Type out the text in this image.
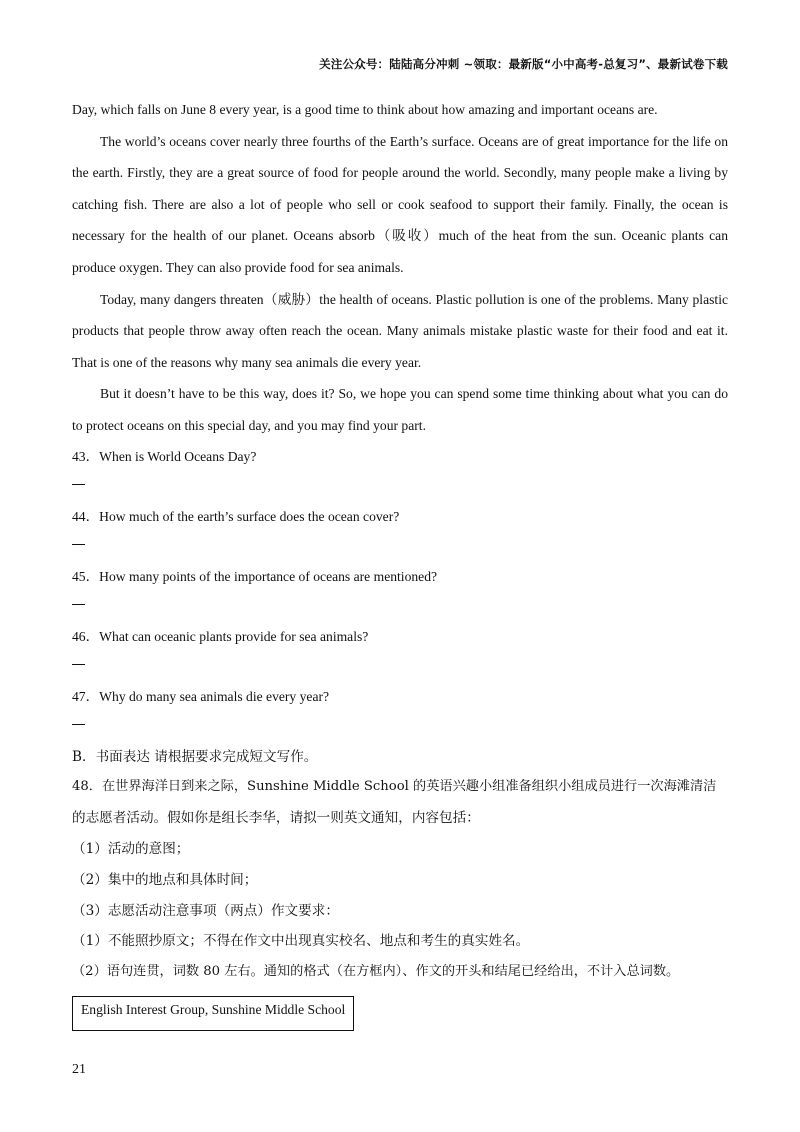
关注公众号：陆陆高分冲刺 ~领取：最新版“小中高考-总复习”、最新试卷下载

Day, which falls on June 8 every year, is a good time to think about how amazing and important oceans are.

The world’s oceans cover nearly three fourths of the Earth’s surface. Oceans are of great importance for the life on the earth. Firstly, they are a great source of food for people around the world. Secondly, many people make a living by catching fish. There are also a lot of people who sell or cook seafood to support their family. Finally, the ocean is necessary for the health of our planet. Oceans absorb（吸收）much of the heat from the sun. Oceanic plants can produce oxygen. They can also provide food for sea animals.

Today, many dangers threaten（威胁）the health of oceans. Plastic pollution is one of the problems. Many plastic products that people throw away often reach the ocean. Many animals mistake plastic waste for their food and eat it. That is one of the reasons why many sea animals die every year.

But it doesn’t have to be this way, does it? So, we hope you can spend some time thinking about what you can do to protect oceans on this special day, and you may find your part.

43．When is World Oceans Day?

44．How much of the earth’s surface does the ocean cover?

45．How many points of the importance of oceans are mentioned?

46．What can oceanic plants provide for sea animals?

47．Why do many sea animals die every year?

B．书面表达 请根据要求完成短文写作。

48．在世界海洋日到来之际，Sunshine Middle School 的英语兴趣小组准备组织小组成员进行一次海滩清洁

的志愿者活动。假如你是组长李华，请拟一则英文通知，内容包括：

（1）活动的意图；

（2）集中的地点和具体时间；

（3）志愿活动注意事项（两点）作文要求：

（1）不能照抄原文；不得在作文中出现真实校名、地点和考生的真实姓名。

（2）语句连贯，词数 80 左右。通知的格式（在方框内）、作文的开头和结尾已经给出，不计入总词数。

English Interest Group, Sunshine Middle School
21
